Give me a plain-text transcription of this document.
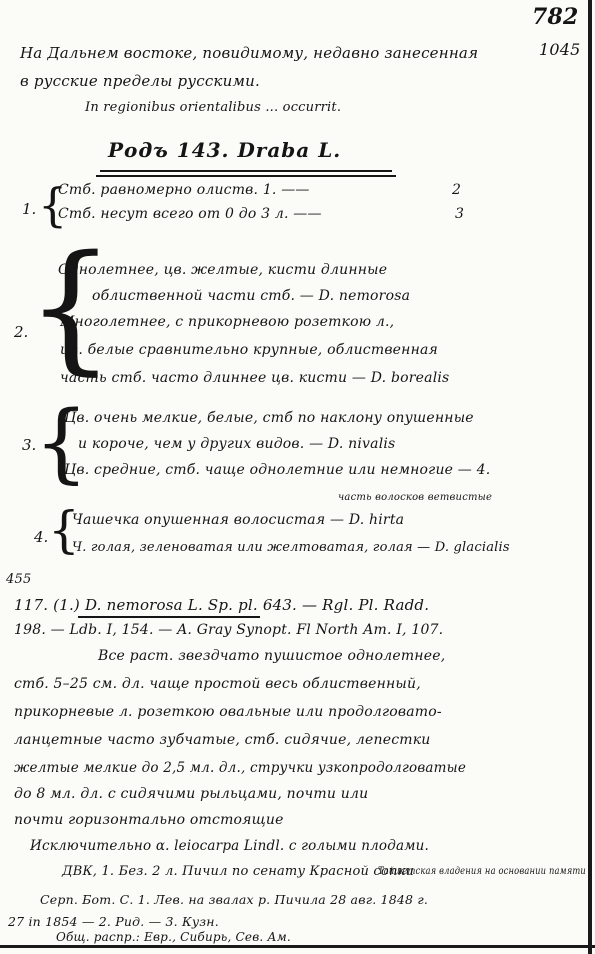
782
На Дальнем востоке, повидимому, недавно занесенная	1045
в русские пределы русскими.
In regionibus orientalibus ... occurrit.
Родъ 143. Draba L.
1. {
Стб. равномерно олиств. 1. ——	2
Стб. несут всего от 0 до 3 л. ——	3
2.
{
Однолетнее, цв. желтые, кисти длинные
облиственной части стб. — D. nemorosa
Многолетнее, с прикорневою розеткою л.,
цв. белые сравнительно крупные, облиственная
часть стб. часто длиннее цв. кисти — D. borealis
3.
{
Цв. очень мелкие, белые, стб по наклону опушенные
и короче, чем у других видов. — D. nivalis
Цв. средние, стб. чаще однолетние или немногие — 4.
часть волосков ветвистые
4. {
Чашечка опушенная волосистая — D. hirta
Ч. голая, зеленоватая или желтоватая, голая — D. glacialis
455
117. (1.) D. nemorosa L. Sp. pl. 643. — Rgl. Pl. Radd.
198. — Ldb. I, 154. — A. Gray Synopt. Fl North Am. I, 107.
Все раст. звездчато пушистое однолетнее,
стб. 5–25 см. дл. чаще простой весь облиственный,
прикорневые л. розеткою овальные или продолговато-
ланцетные часто зубчатые, стб. сидячие, лепестки
желтые мелкие до 2,5 мл. дл., стручки узкопродолговатые
до 8 мл. дл. с сидячими рыльцами, почти или
почти горизонтально отстоящие
Исключительно α. leiocarpa Lindl. с голыми плодами.
Тайшетская владения на основании памяти
ДВК, 1. Без. 2 л. Пичил по сенату Красной сопки
Серп. Бот. С. 1. Лев. на звалах р. Пичила 28 авг. 1848 г.
27 in 1854 — 2. Рид. — 3. Кузн.
Общ. распр.: Евр., Сибирь, Сев. Ам.
